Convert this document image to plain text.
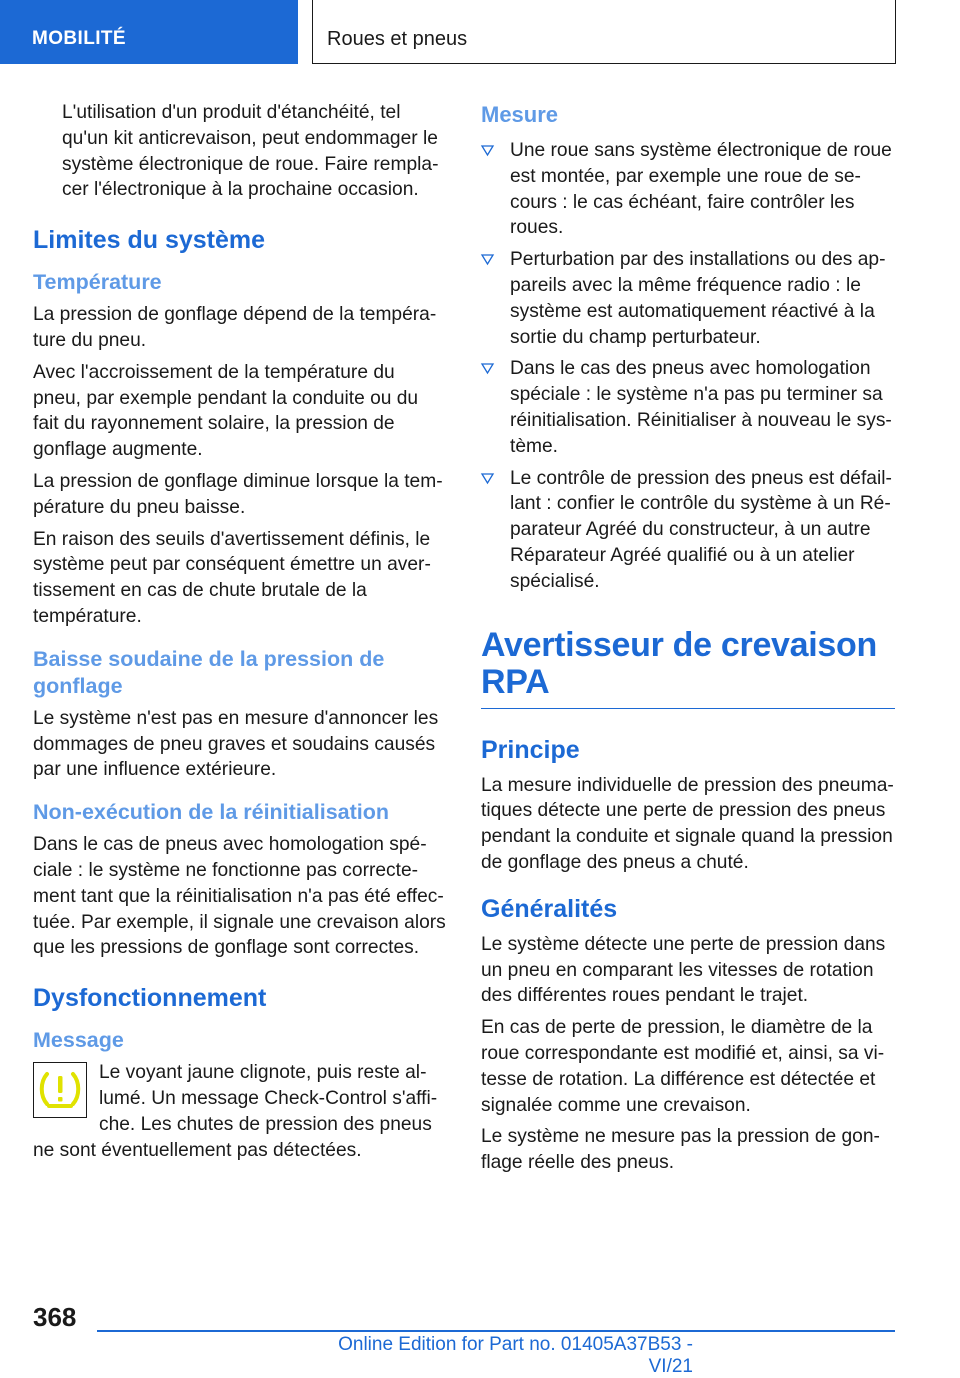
MOBILITÉ	Roues et pneus

L'utilisation d'un produit d'étanchéité, tel qu'un kit anticrevaison, peut endommager le système électronique de roue. Faire remplacer l'électronique à la prochaine occasion.

Limites du système
Température

La pression de gonflage dépend de la température du pneu.

Avec l'accroissement de la température du pneu, par exemple pendant la conduite ou du fait du rayonnement solaire, la pression de gonflage augmente.

La pression de gonflage diminue lorsque la température du pneu baisse.

En raison des seuils d'avertissement définis, le système peut par conséquent émettre un avertissement en cas de chute brutale de la température.

Baisse soudaine de la pression de gonflage

Le système n'est pas en mesure d'annoncer les dommages de pneu graves et soudains causés par une influence extérieure.

Non-exécution de la réinitialisation

Dans le cas de pneus avec homologation spéciale : le système ne fonctionne pas correctement tant que la réinitialisation n'a pas été effectuée. Par exemple, il signale une crevaison alors que les pressions de gonflage sont correctes.

Dysfonctionnement
Message

Le voyant jaune clignote, puis reste allumé. Un message Check-Control s'affiche. Les chutes de pression des pneus ne sont éventuellement pas détectées.

Mesure
Une roue sans système électronique de roue est montée, par exemple une roue de secours : le cas échéant, faire contrôler les roues.
Perturbation par des installations ou des appareils avec la même fréquence radio : le système est automatiquement réactivé à la sortie du champ perturbateur.
Dans le cas des pneus avec homologation spéciale : le système n'a pas pu terminer sa réinitialisation. Réinitialiser à nouveau le système.
Le contrôle de pression des pneus est défaillant : confier le contrôle du système à un Réparateur Agréé du constructeur, à un autre Réparateur Agréé qualifié ou à un atelier spécialisé.
Avertisseur de crevaison RPA
Principe

La mesure individuelle de pression des pneumatiques détecte une perte de pression des pneus pendant la conduite et signale quand la pression de gonflage des pneus a chuté.

Généralités

Le système détecte une perte de pression dans un pneu en comparant les vitesses de rotation des différentes roues pendant le trajet.

En cas de perte de pression, le diamètre de la roue correspondante est modifié et, ainsi, sa vitesse de rotation. La différence est détectée et signalée comme une crevaison.

Le système ne mesure pas la pression de gonflage réelle des pneus.

368
Online Edition for Part no. 01405A37B53 - VI/21
